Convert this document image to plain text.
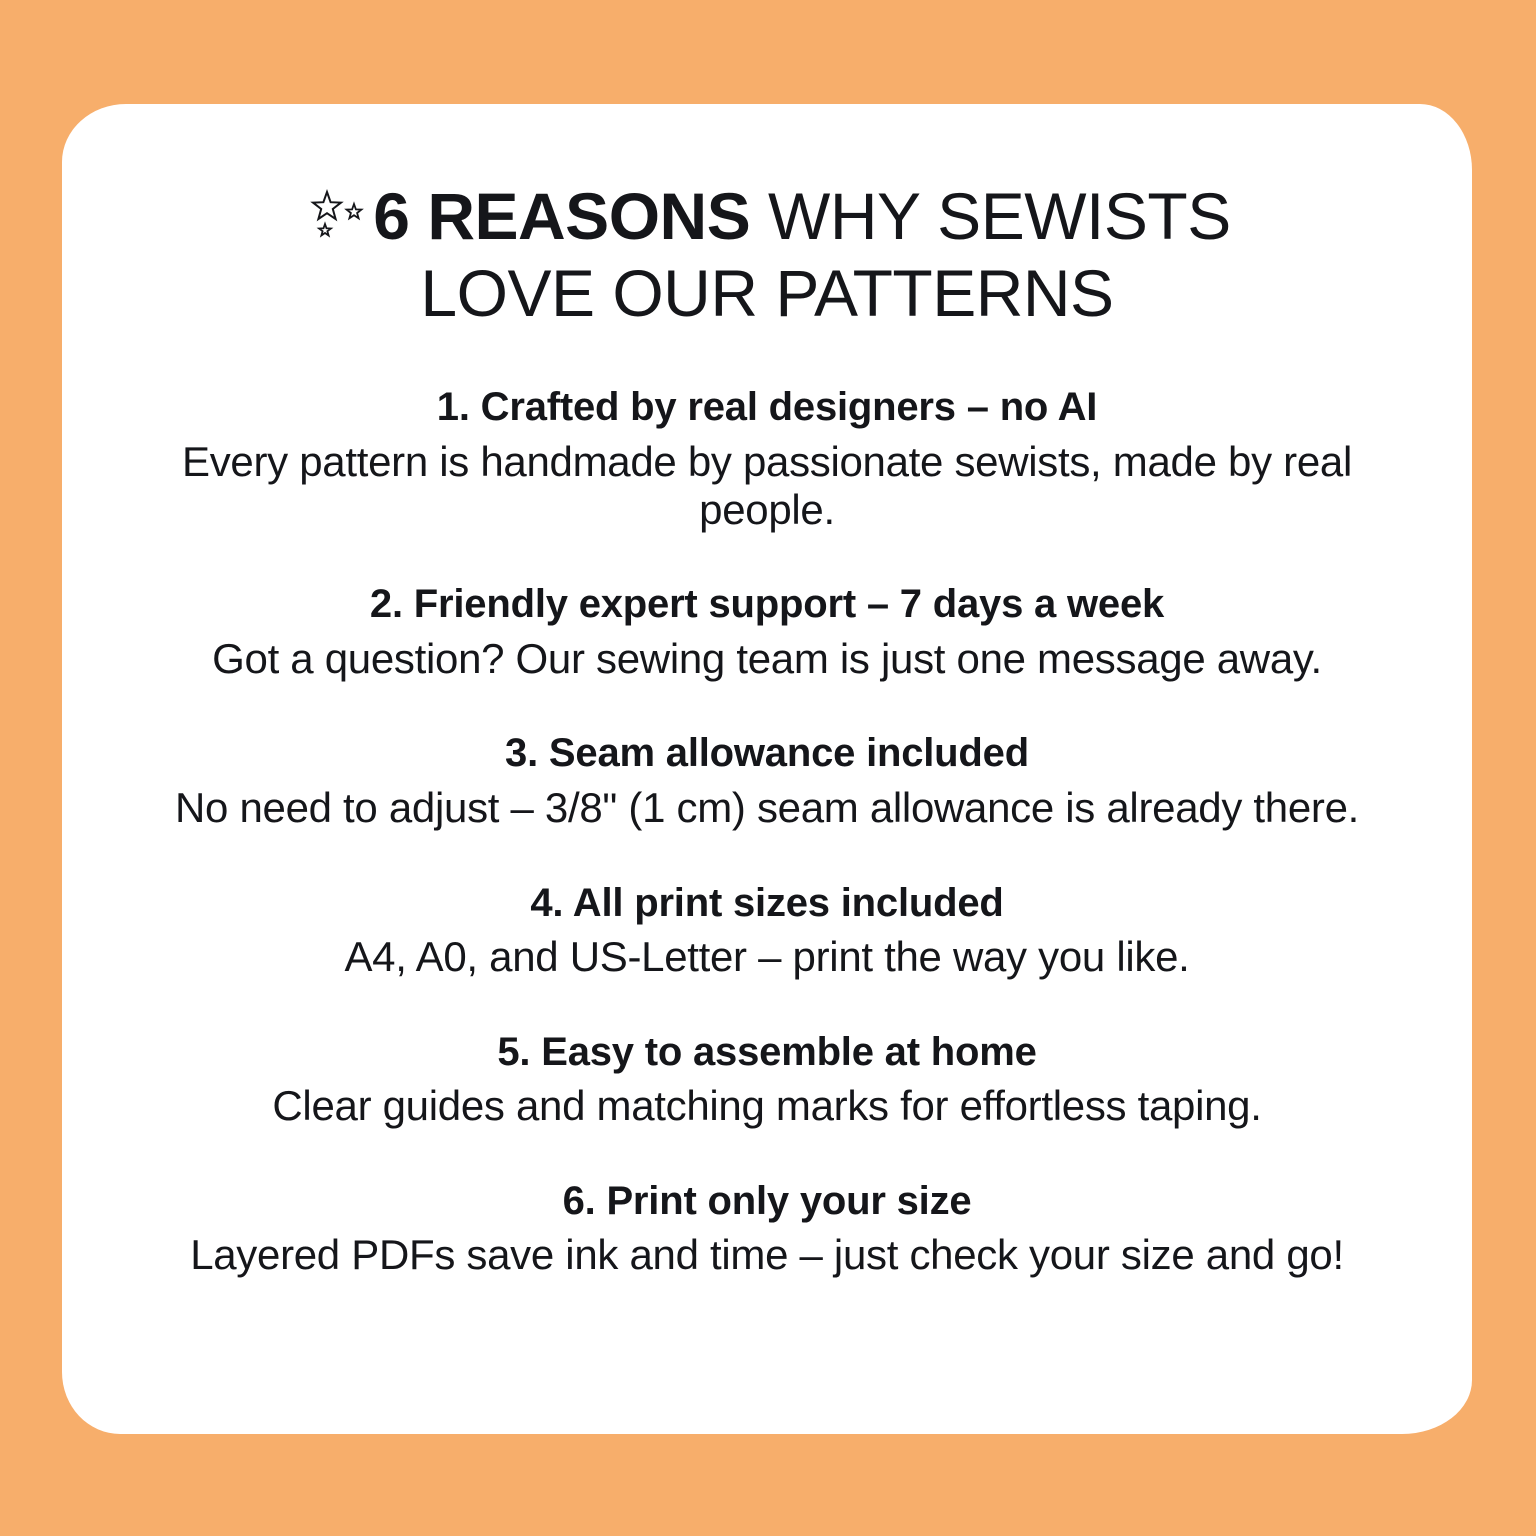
6 REASONS WHY SEWISTS
LOVE OUR PATTERNS

1. Crafted by real designers – no AI

Every pattern is handmade by passionate sewists, made by real people.

2. Friendly expert support – 7 days a week

Got a question? Our sewing team is just one message away.

3. Seam allowance included

No need to adjust – 3/8" (1 cm) seam allowance is already there.

4. All print sizes included

A4, A0, and US-Letter – print the way you like.

5. Easy to assemble at home

Clear guides and matching marks for effortless taping.

6. Print only your size

Layered PDFs save ink and time – just check your size and go!
